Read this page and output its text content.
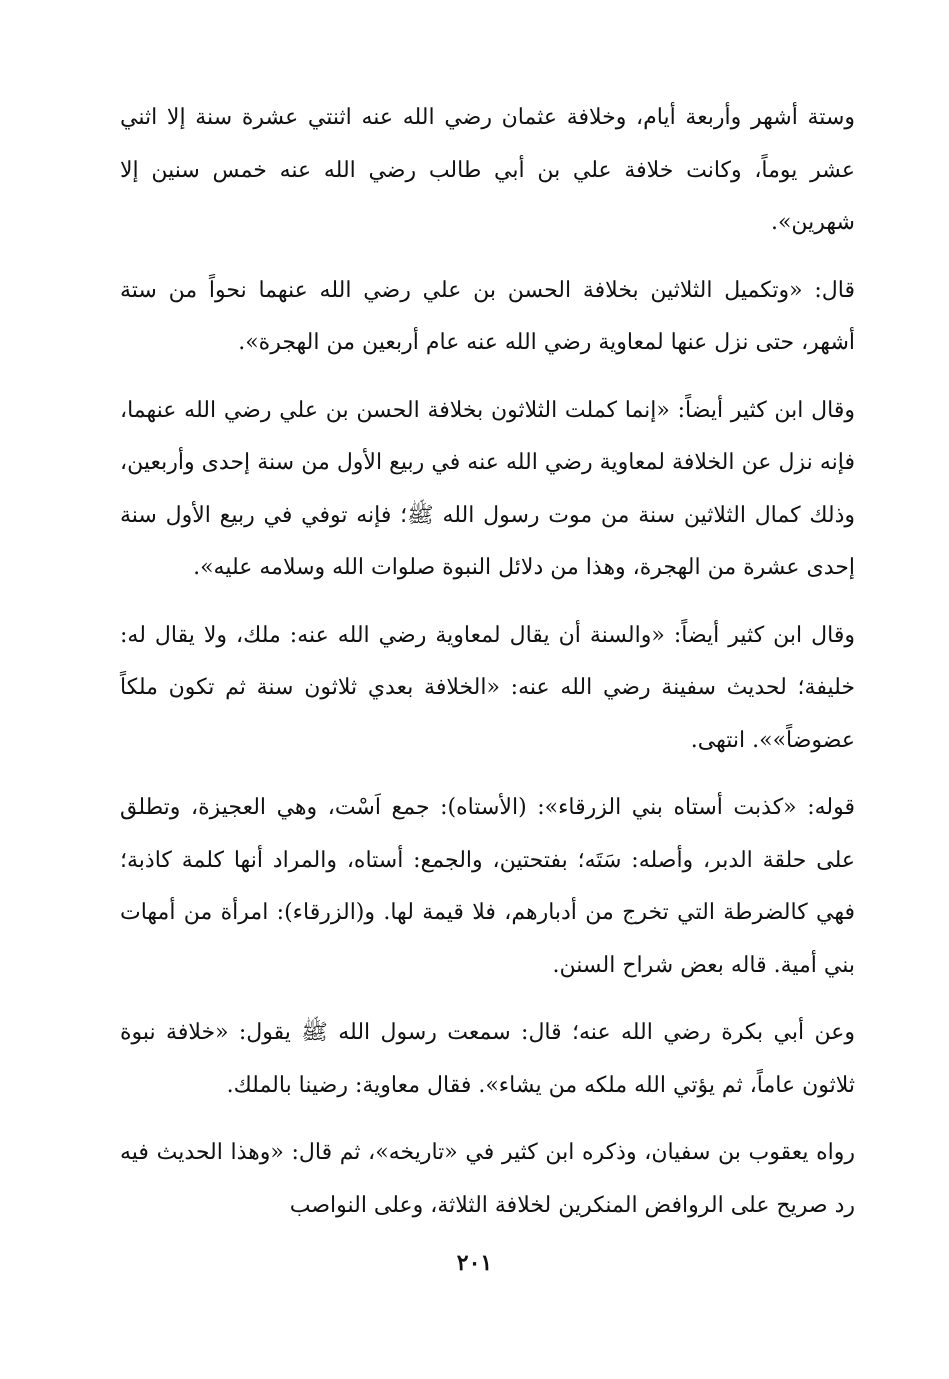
وستة أشهر وأربعة أيام، وخلافة عثمان رضي الله عنه اثنتي عشرة سنة إلا اثني عشر يوماً، وكانت خلافة علي بن أبي طالب رضي الله عنه خمس سنين إلا شهرين».

قال: «وتكميل الثلاثين بخلافة الحسن بن علي رضي الله عنهما نحواً من ستة أشهر، حتى نزل عنها لمعاوية رضي الله عنه عام أربعين من الهجرة».

وقال ابن كثير أيضاً: «إنما كملت الثلاثون بخلافة الحسن بن علي رضي الله عنهما، فإنه نزل عن الخلافة لمعاوية رضي الله عنه في ربيع الأول من سنة إحدى وأربعين، وذلك كمال الثلاثين سنة من موت رسول الله ﷺ؛ فإنه توفي في ربيع الأول سنة إحدى عشرة من الهجرة، وهذا من دلائل النبوة صلوات الله وسلامه عليه».

وقال ابن كثير أيضاً: «والسنة أن يقال لمعاوية رضي الله عنه: ملك، ولا يقال له: خليفة؛ لحديث سفينة رضي الله عنه: «الخلافة بعدي ثلاثون سنة ثم تكون ملكاً عضوضاً»». انتهى.

قوله: «كذبت أستاه بني الزرقاء»: (الأستاه): جمع اَسْت، وهي العجيزة، وتطلق على حلقة الدبر، وأصله: سَتَه؛ بفتحتين، والجمع: أستاه، والمراد أنها كلمة كاذبة؛ فهي كالضرطة التي تخرج من أدبارهم، فلا قيمة لها. و(الزرقاء): امرأة من أمهات بني أمية. قاله بعض شراح السنن.

وعن أبي بكرة رضي الله عنه؛ قال: سمعت رسول الله ﷺ يقول: «خلافة نبوة ثلاثون عاماً، ثم يؤتي الله ملكه من يشاء». فقال معاوية: رضينا بالملك.

رواه يعقوب بن سفيان، وذكره ابن كثير في «تاريخه»، ثم قال: «وهذا الحديث فيه رد صريح على الروافض المنكرين لخلافة الثلاثة، وعلى النواصب

٢٠١
